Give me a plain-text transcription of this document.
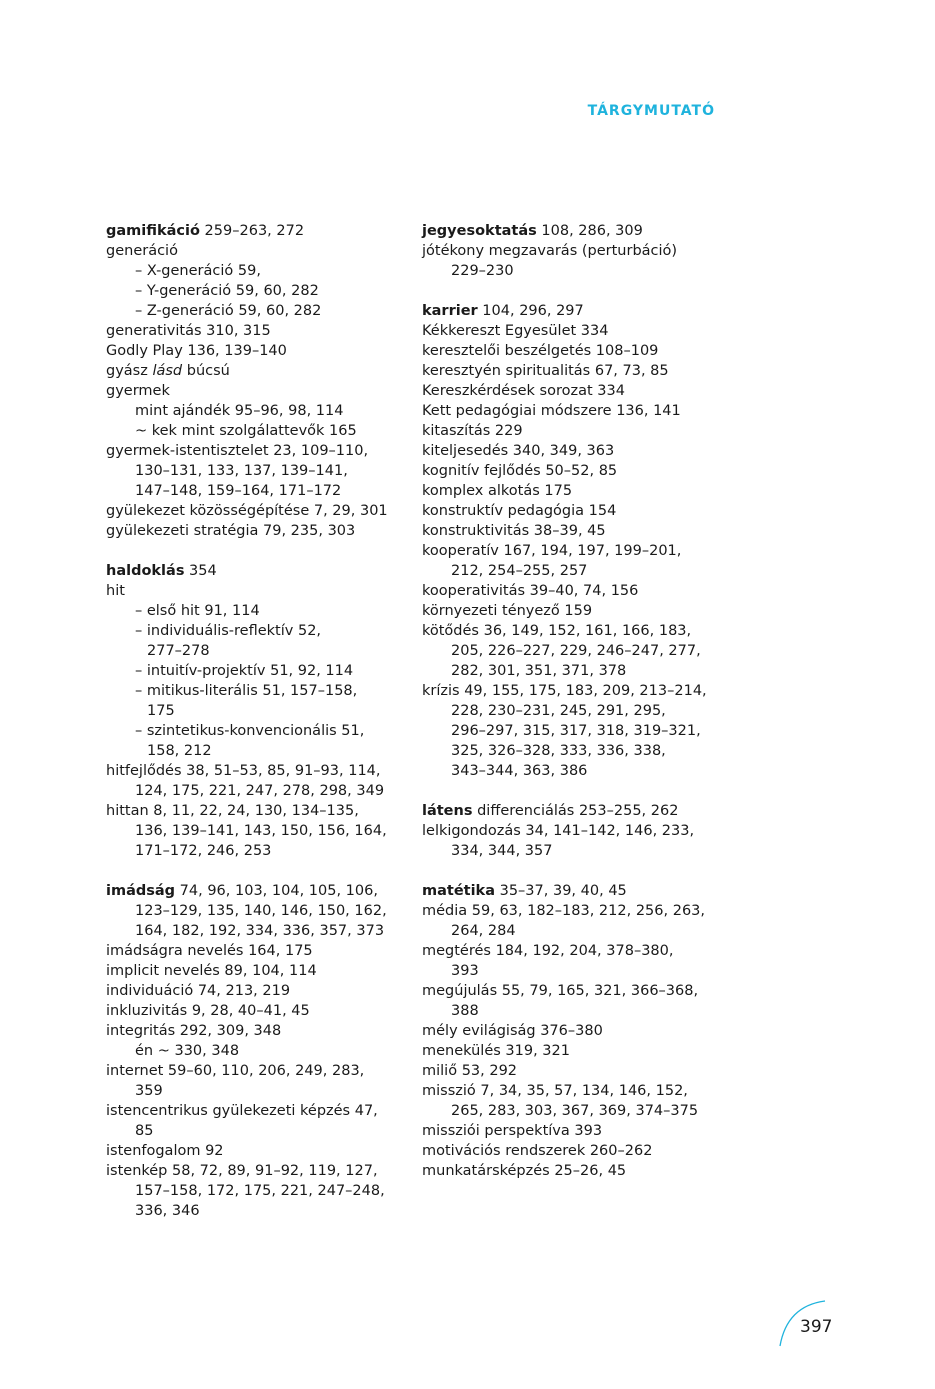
TÁRGYMUTATÓ
gamifikáció 259–263, 272
generáció
– X-generáció 59,
– Y-generáció 59, 60, 282
– Z-generáció 59, 60, 282
generativitás 310, 315
Godly Play 136, 139–140
gyász lásd búcsú
gyermek
mint ajándék 95–96, 98, 114
~ kek mint szolgálattevők 165
gyermek-istentisztelet 23, 109–110,
130–131, 133, 137, 139–141,
147–148, 159–164, 171–172
gyülekezet közösségépítése 7, 29, 301
gyülekezeti stratégia 79, 235, 303
haldoklás 354
hit
– első hit 91, 114
– individuális-reflektív 52,
277–278
– intuitív-projektív 51, 92, 114
– mitikus-literális 51, 157–158,
175
– szintetikus-konvencionális 51,
158, 212
hitfejlődés 38, 51–53, 85, 91–93, 114,
124, 175, 221, 247, 278, 298, 349
hittan 8, 11, 22, 24, 130, 134–135,
136, 139–141, 143, 150, 156, 164,
171–172, 246, 253
imádság 74, 96, 103, 104, 105, 106,
123–129, 135, 140, 146, 150, 162,
164, 182, 192, 334, 336, 357, 373
imádságra nevelés 164, 175
implicit nevelés 89, 104, 114
individuáció 74, 213, 219
inkluzivitás 9, 28, 40–41, 45
integritás 292, 309, 348
én ~ 330, 348
internet 59–60, 110, 206, 249, 283,
359
istencentrikus gyülekezeti képzés 47,
85
istenfogalom 92
istenkép 58, 72, 89, 91–92, 119, 127,
157–158, 172, 175, 221, 247–248,
336, 346
jegyesoktatás 108, 286, 309
jótékony megzavarás (perturbáció)
229–230
karrier 104, 296, 297
Kékkereszt Egyesület 334
keresztelői beszélgetés 108–109
keresztyén spiritualitás 67, 73, 85
Kereszkérdések sorozat 334
Kett pedagógiai módszere 136, 141
kitaszítás 229
kiteljesedés 340, 349, 363
kognitív fejlődés 50–52, 85
komplex alkotás 175
konstruktív pedagógia 154
konstruktivitás 38–39, 45
kooperatív 167, 194, 197, 199–201,
212, 254–255, 257
kooperativitás 39–40, 74, 156
környezeti tényező 159
kötődés 36, 149, 152, 161, 166, 183,
205, 226–227, 229, 246–247, 277,
282, 301, 351, 371, 378
krízis 49, 155, 175, 183, 209, 213–214,
228, 230–231, 245, 291, 295,
296–297, 315, 317, 318, 319–321,
325, 326–328, 333, 336, 338,
343–344, 363, 386
látens differenciálás 253–255, 262
lelkigondozás 34, 141–142, 146, 233,
334, 344, 357
matétika 35–37, 39, 40, 45
média 59, 63, 182–183, 212, 256, 263,
264, 284
megtérés 184, 192, 204, 378–380,
393
megújulás 55, 79, 165, 321, 366–368,
388
mély evilágiság 376–380
menekülés 319, 321
miliő 53, 292
misszió 7, 34, 35, 57, 134, 146, 152,
265, 283, 303, 367, 369, 374–375
missziói perspektíva 393
motivációs rendszerek 260–262
munkatársképzés 25–26, 45
397
